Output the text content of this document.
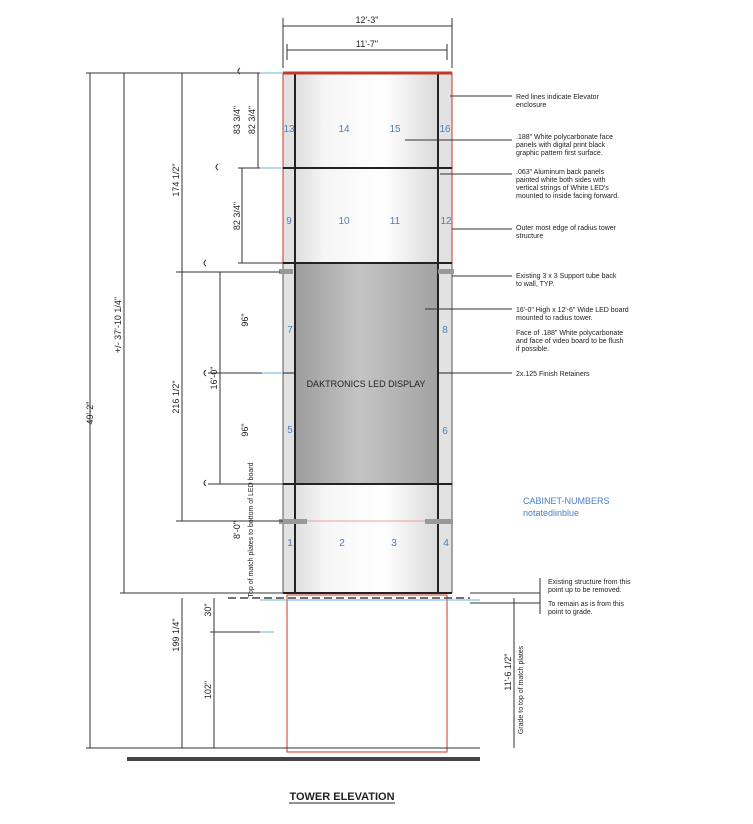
13	14	15	16
9	10	11	12
7	8
5	6
1	2	3	4
DAKTRONICS LED DISPLAY
12'-3"
11'-7"
49'-2"
+/- 37'-10 1/4"
174 1/2"
216 1/2"
199 1/4"
30"
102"
16'-0"
96"
96"
83 3/4" 82 3/4"
82 3/4"
8'-0" Top of match plates to bottom of LED board
11'-6 1/2" Grade to top of match plates
Red lines indicate Elevator
enclosure
.188" White polycarbonate face
panels with digital print black
graphic pattern first surface.
.063" Aluminum back panels
painted white both sides with
vertical strings of White LED's
mounted to inside facing forward.
Outer most edge of radius tower
structure
Existing 3 x 3 Support tube back
to wall, TYP.
16'-0" High x 12'-6" Wide LED board
mounted to radius tower.
Face of .188" White polycarbonate
and face of video board to be flush
if possible.
2x.125 Finish Retainers
Existing structure from this
point up to be removed.
To remain as is from this
point to grade.
CABINET-NUMBERS
notatediinblue
TOWER ELEVATION
